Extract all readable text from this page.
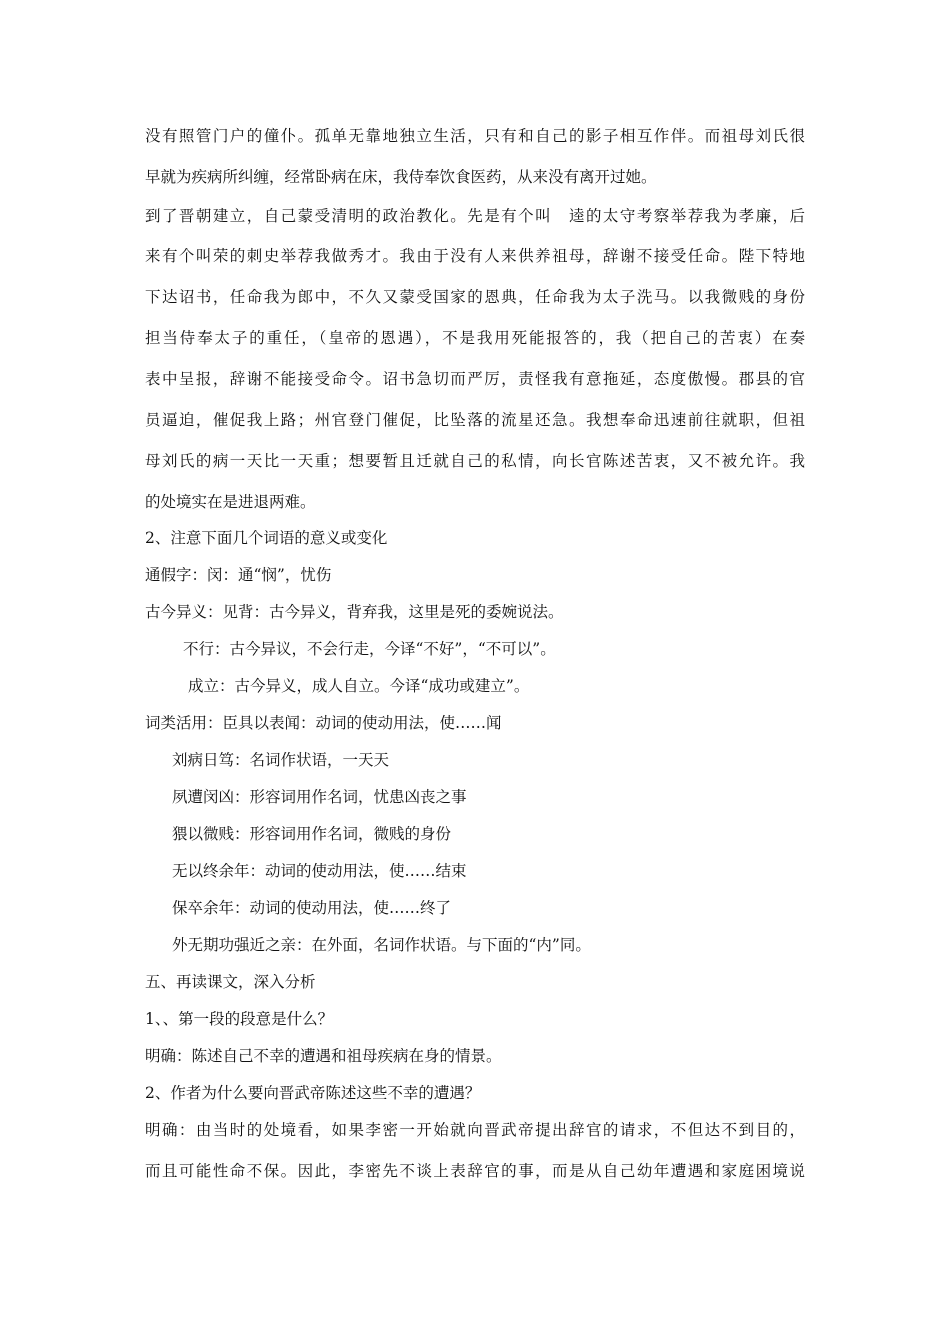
没有照管门户的僮仆。孤单无靠地独立生活，只有和自己的影子相互作伴。而祖母刘氏很
早就为疾病所纠缠，经常卧病在床，我侍奉饮食医药，从来没有离开过她。
到了晋朝建立，自己蒙受清明的政治教化。先是有个叫　逵的太守考察举荐我为孝廉，后
来有个叫荣的刺史举荐我做秀才。我由于没有人来供养祖母，辞谢不接受任命。陛下特地
下达诏书，任命我为郎中，不久又蒙受国家的恩典，任命我为太子洗马。以我微贱的身份
担当侍奉太子的重任，（皇帝的恩遇），不是我用死能报答的，我（把自己的苦衷）在奏
表中呈报，辞谢不能接受命令。诏书急切而严厉，责怪我有意拖延，态度傲慢。郡县的官
员逼迫，催促我上路；州官登门催促，比坠落的流星还急。我想奉命迅速前往就职，但祖
母刘氏的病一天比一天重；想要暂且迁就自己的私情，向长官陈述苦衷，又不被允许。我
的处境实在是进退两难。
2、注意下面几个词语的意义或变化
通假字：闵：通“悯”，忧伤
古今异义：见背：古今异义，背弃我，这里是死的委婉说法。
不行：古今异议，不会行走，今译“不好”，“不可以”。
成立：古今异义，成人自立。今译“成功或建立”。
词类活用：臣具以表闻：动词的使动用法，使……闻
刘病日笃：名词作状语，一天天
夙遭闵凶：形容词用作名词，忧患凶丧之事
猥以微贱：形容词用作名词，微贱的身份
无以终余年：动词的使动用法，使……结束
保卒余年：动词的使动用法，使……终了
外无期功强近之亲：在外面，名词作状语。与下面的“内”同。
五、再读课文，深入分析
1、、第一段的段意是什么？
明确：陈述自己不幸的遭遇和祖母疾病在身的情景。
2、作者为什么要向晋武帝陈述这些不幸的遭遇？
明确：由当时的处境看，如果李密一开始就向晋武帝提出辞官的请求，不但达不到目的，
而且可能性命不保。因此，李密先不谈上表辞官的事，而是从自己幼年遭遇和家庭困境说
